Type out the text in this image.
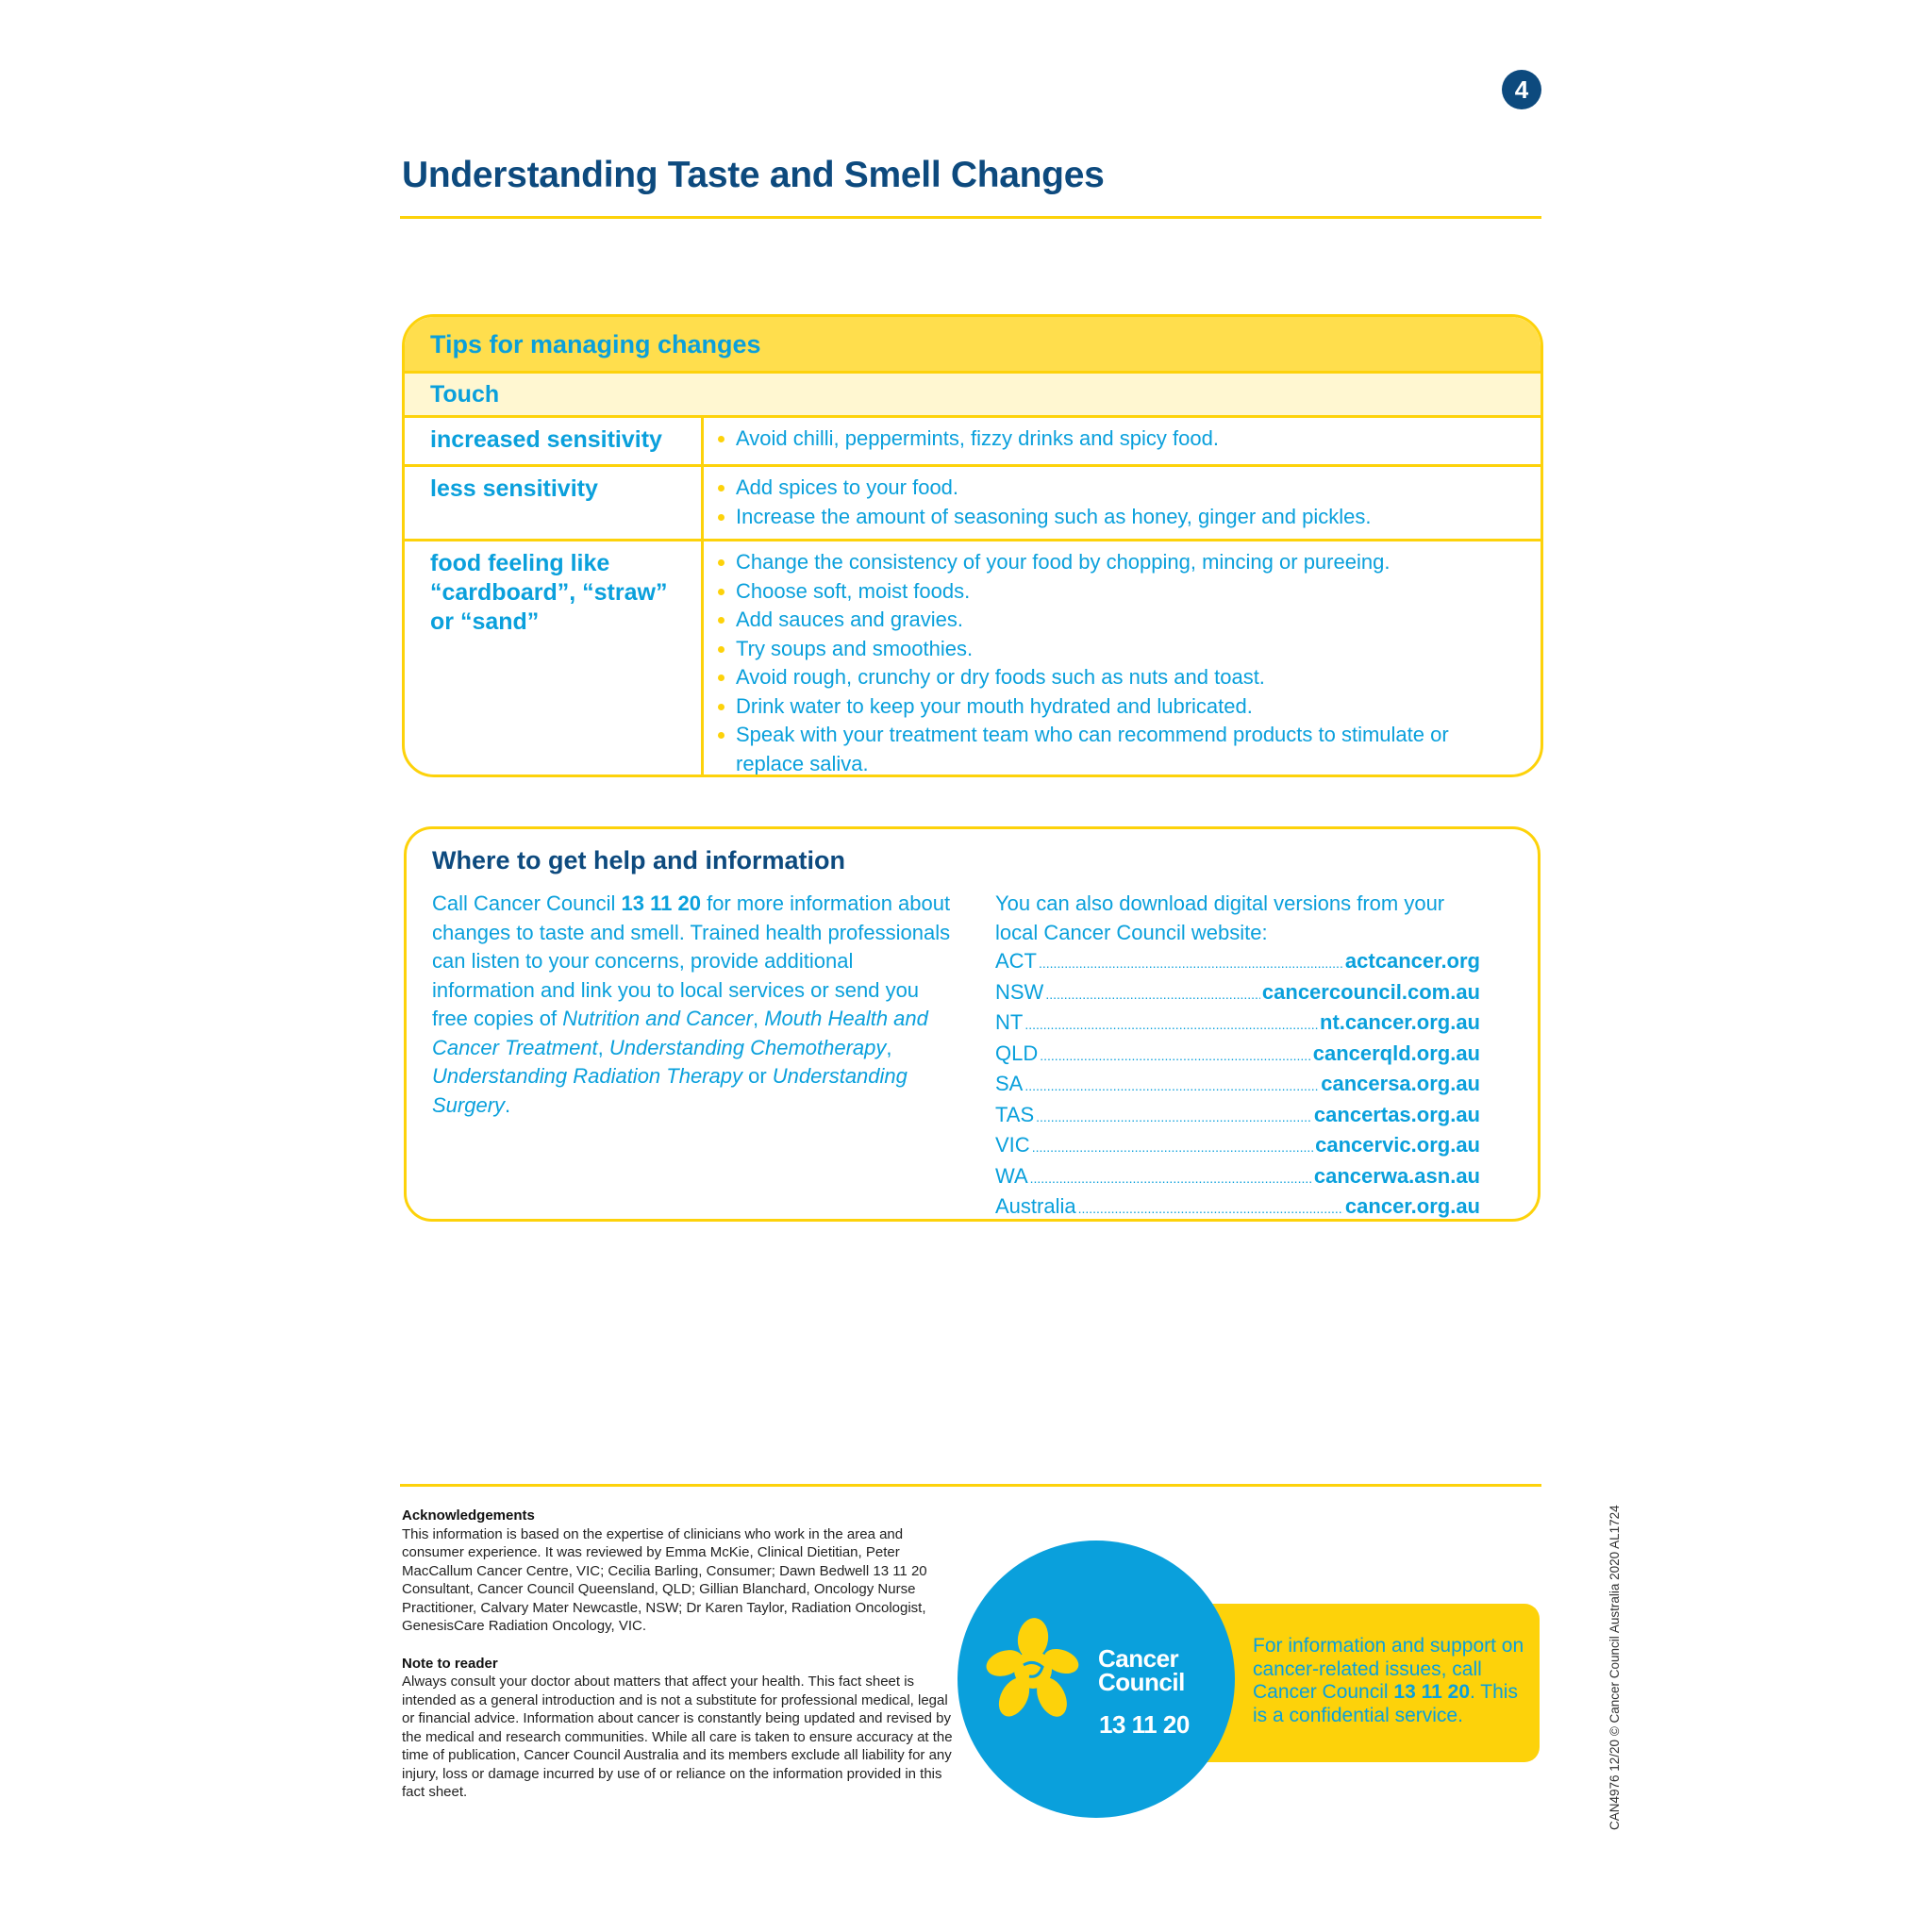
4
Understanding Taste and Smell Changes
Tips for managing changes
Touch
increased sensitivity	Avoid chilli, peppermints, fizzy drinks and spicy food.
less sensitivity	Add spices to your food.
Increase the amount of seasoning such as honey, ginger and pickles.
food feeling like “cardboard”, “straw” or “sand”
Change the consistency of your food by chopping, mincing or pureeing.
Choose soft, moist foods.
Add sauces and gravies.
Try soups and smoothies.
Avoid rough, crunchy or dry foods such as nuts and toast.
Drink water to keep your mouth hydrated and lubricated.
Speak with your treatment team who can recommend products to stimulate or replace saliva.
Where to get help and information
Call Cancer Council 13 11 20 for more information about changes to taste and smell. Trained health professionals can listen to your concerns, provide additional information and link you to local services or send you free copies of Nutrition and Cancer, Mouth Health and Cancer Treatment, Understanding Chemotherapy, Understanding Radiation Therapy or Understanding Surgery.
You can also download digital versions from your local Cancer Council website:
ACT .....	actcancer.org
NSW .....	cancercouncil.com.au
NT .....	nt.cancer.org.au
QLD .....	cancerqld.org.au
SA .....	cancersa.org.au
TAS .....	cancertas.org.au
VIC .....	cancervic.org.au
WA .....	cancerwa.asn.au
Australia .....	cancer.org.au
Acknowledgements

This information is based on the expertise of clinicians who work in the area and consumer experience. It was reviewed by Emma McKie, Clinical Dietitian, Peter MacCallum Cancer Centre, VIC; Cecilia Barling, Consumer; Dawn Bedwell 13 11 20 Consultant, Cancer Council Queensland, QLD; Gillian Blanchard, Oncology Nurse Practitioner, Calvary Mater Newcastle, NSW; Dr Karen Taylor, Radiation Oncologist, GenesisCare Radiation Oncology, VIC.

Note to reader

Always consult your doctor about matters that affect your health. This fact sheet is intended as a general introduction and is not a substitute for professional medical, legal or financial advice. Information about cancer is constantly being updated and revised by the medical and research communities. While all care is taken to ensure accuracy at the time of publication, Cancer Council Australia and its members exclude all liability for any injury, loss or damage incurred by use of or reliance on the information provided in this fact sheet.

For information and support on cancer-related issues, call Cancer Council 13 11 20. This is a confidential service.
Cancer
Council
13 11 20	CAN4976 12/20 © Cancer Council Australia 2020 AL1724
